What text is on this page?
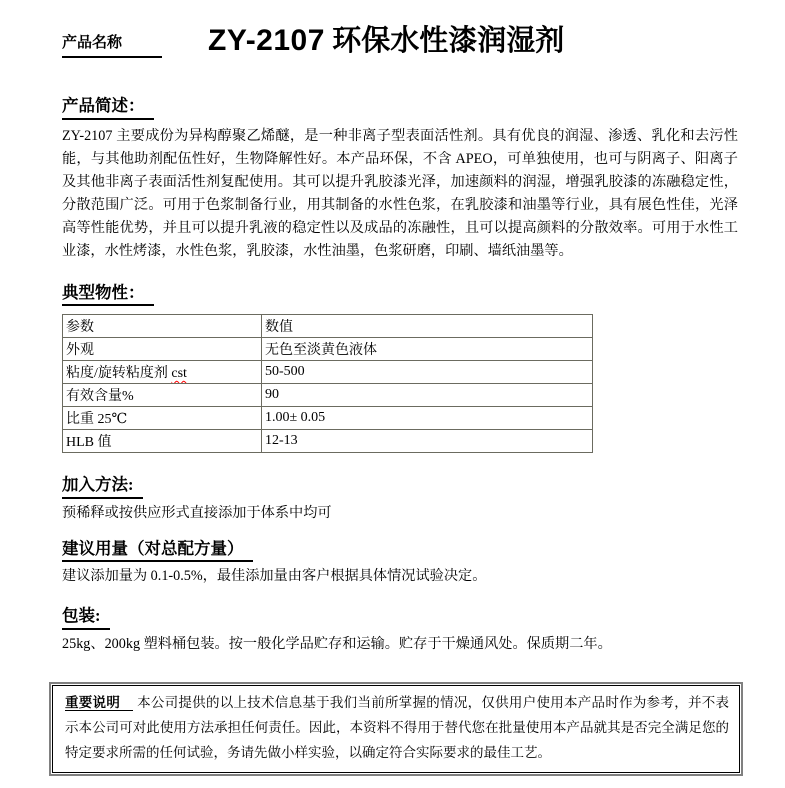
产品名称	ZY-2107 环保水性漆润湿剂
产品简述：

ZY-2107 主要成份为异构醇聚乙烯醚，是一种非离子型表面活性剂。具有优良的润湿、渗透、乳化和去污性能，与其他助剂配伍性好，生物降解性好。本产品环保，不含 APEO，可单独使用，也可与阴离子、阳离子及其他非离子表面活性剂复配使用。其可以提升乳胶漆光泽，加速颜料的润湿，增强乳胶漆的冻融稳定性，分散范围广泛。可用于色浆制备行业，用其制备的水性色浆，在乳胶漆和油墨等行业，具有展色性佳，光泽高等性能优势，并且可以提升乳液的稳定性以及成品的冻融性，且可以提高颜料的分散效率。可用于水性工业漆，水性烤漆，水性色浆，乳胶漆，水性油墨，色浆研磨，印刷、墙纸油墨等。

典型物性：
参数	数值
外观	无色至淡黄色液体
粘度/旋转粘度剂 cst	50-500
有效含量%	90
比重 25℃	1.00± 0.05
HLB 值	12-13
加入方法:

预稀释或按供应形式直接添加于体系中均可

建议用量（对总配方量）

建议添加量为 0.1-0.5%，最佳添加量由客户根据具体情况试验决定。

包装:

25kg、200kg 塑料桶包装。按一般化学品贮存和运输。贮存于干燥通风处。保质期二年。

重要说明 本公司提供的以上技术信息基于我们当前所掌握的情况，仅供用户使用本产品时作为参考，并不表示本公司可对此使用方法承担任何责任。因此，本资料不得用于替代您在批量使用本产品就其是否完全满足您的特定要求所需的任何试验，务请先做小样实验，以确定符合实际要求的最佳工艺。
